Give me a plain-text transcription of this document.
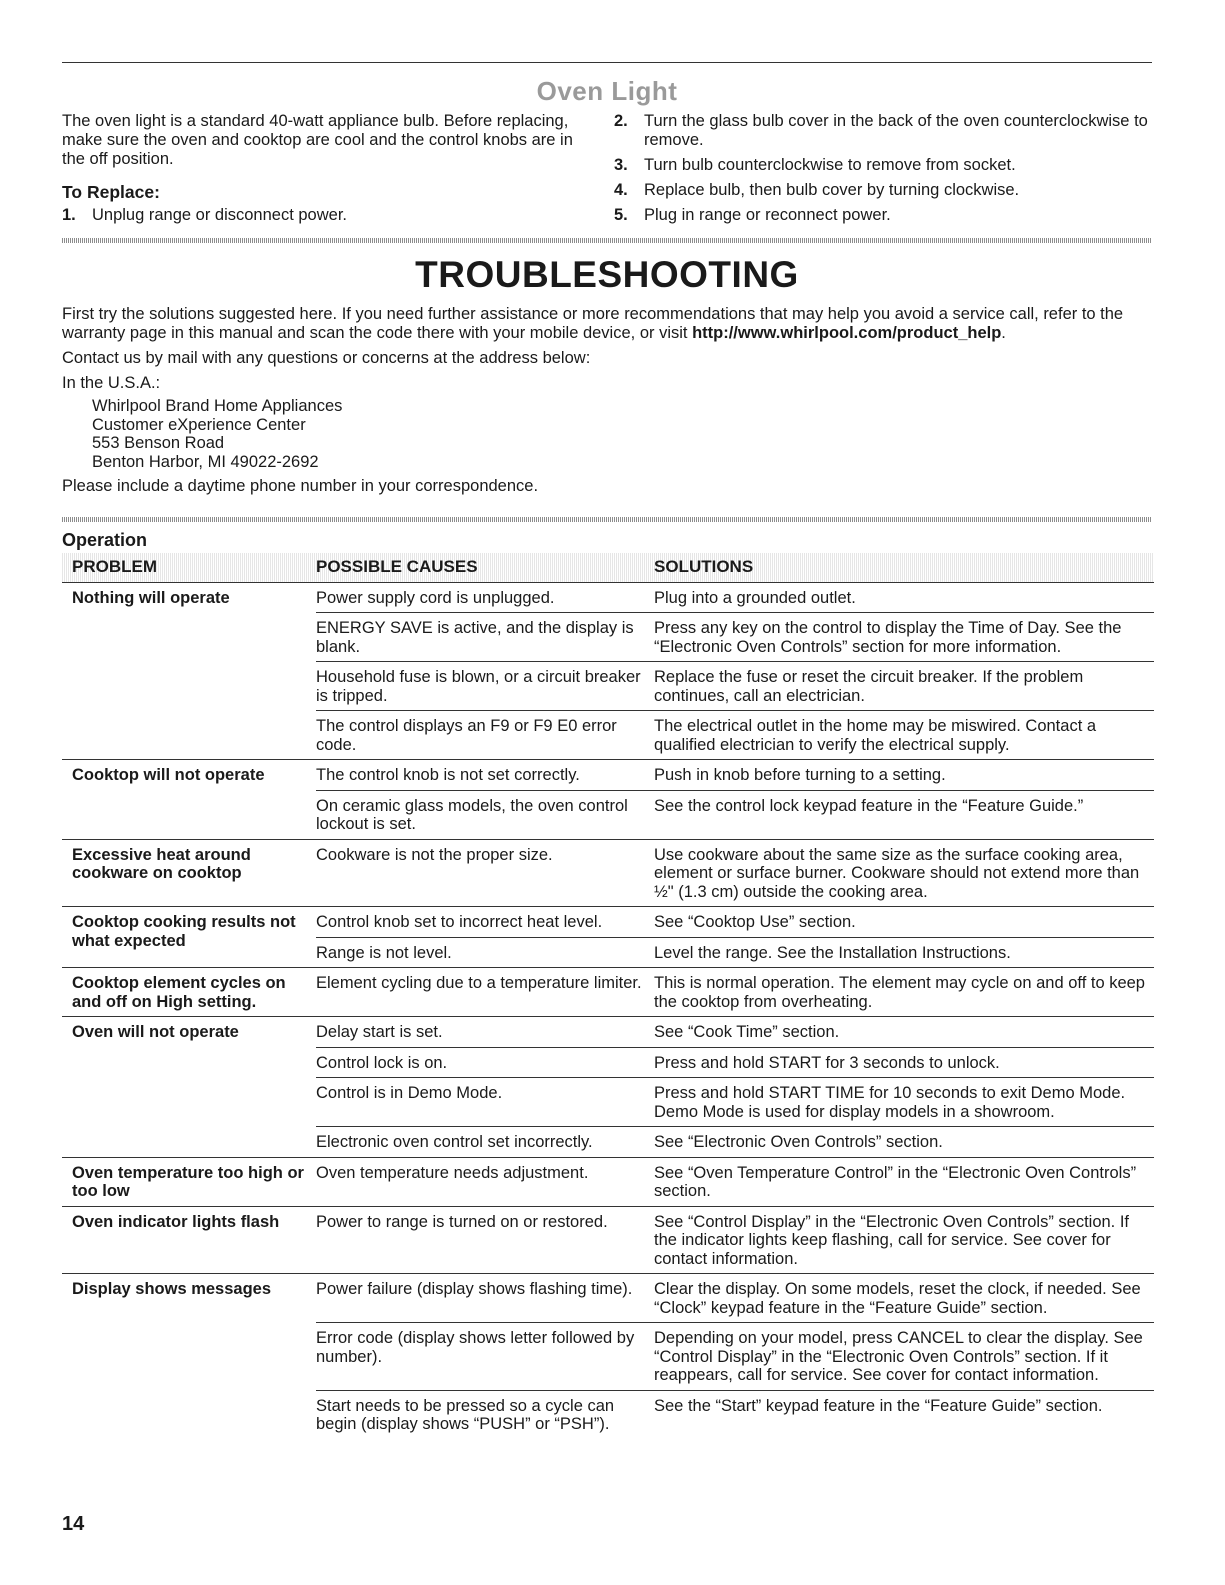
Oven Light
The oven light is a standard 40-watt appliance bulb. Before replacing, make sure the oven and cooktop are cool and the control knobs are in the off position.
To Replace:
1. Unplug range or disconnect power.
2. Turn the glass bulb cover in the back of the oven counterclockwise to remove.
3. Turn bulb counterclockwise to remove from socket.
4. Replace bulb, then bulb cover by turning clockwise.
5. Plug in range or reconnect power.
TROUBLESHOOTING

First try the solutions suggested here. If you need further assistance or more recommendations that may help you avoid a service call, refer to the warranty page in this manual and scan the code there with your mobile device, or visit http://www.whirlpool.com/product_help.

Contact us by mail with any questions or concerns at the address below:

In the U.S.A.:

Whirlpool Brand Home Appliances
Customer eXperience Center
553 Benson Road
Benton Harbor, MI 49022-2692

Please include a daytime phone number in your correspondence.

Operation
PROBLEM	POSSIBLE CAUSES	SOLUTIONS
Nothing will operate	Power supply cord is unplugged.	Plug into a grounded outlet.
	ENERGY SAVE is active, and the display is blank.	Press any key on the control to display the Time of Day. See the “Electronic Oven Controls” section for more information.
	Household fuse is blown, or a circuit breaker is tripped.	Replace the fuse or reset the circuit breaker. If the problem continues, call an electrician.
	The control displays an F9 or F9 E0 error code.	The electrical outlet in the home may be miswired. Contact a qualified electrician to verify the electrical supply.
Cooktop will not operate	The control knob is not set correctly.	Push in knob before turning to a setting.
	On ceramic glass models, the oven control lockout is set.	See the control lock keypad feature in the “Feature Guide.”
Excessive heat around cookware on cooktop	Cookware is not the proper size.	Use cookware about the same size as the surface cooking area, element or surface burner. Cookware should not extend more than ½" (1.3 cm) outside the cooking area.
Cooktop cooking results not what expected	Control knob set to incorrect heat level.	See “Cooktop Use” section.
	Range is not level.	Level the range. See the Installation Instructions.
Cooktop element cycles on and off on High setting.	Element cycling due to a temperature limiter.	This is normal operation. The element may cycle on and off to keep the cooktop from overheating.
Oven will not operate	Delay start is set.	See “Cook Time” section.
	Control lock is on.	Press and hold START for 3 seconds to unlock.
	Control is in Demo Mode.	Press and hold START TIME for 10 seconds to exit Demo Mode. Demo Mode is used for display models in a showroom.
	Electronic oven control set incorrectly.	See “Electronic Oven Controls” section.
Oven temperature too high or too low	Oven temperature needs adjustment.	See “Oven Temperature Control” in the “Electronic Oven Controls” section.
Oven indicator lights flash	Power to range is turned on or restored.	See “Control Display” in the “Electronic Oven Controls” section. If the indicator lights keep flashing, call for service. See cover for contact information.
Display shows messages	Power failure (display shows flashing time).	Clear the display. On some models, reset the clock, if needed. See “Clock” keypad feature in the “Feature Guide” section.
	Error code (display shows letter followed by number).	Depending on your model, press CANCEL to clear the display. See “Control Display” in the “Electronic Oven Controls” section. If it reappears, call for service. See cover for contact information.
	Start needs to be pressed so a cycle can begin (display shows “PUSH” or “PSH”).	See the “Start” keypad feature in the “Feature Guide” section.
14
